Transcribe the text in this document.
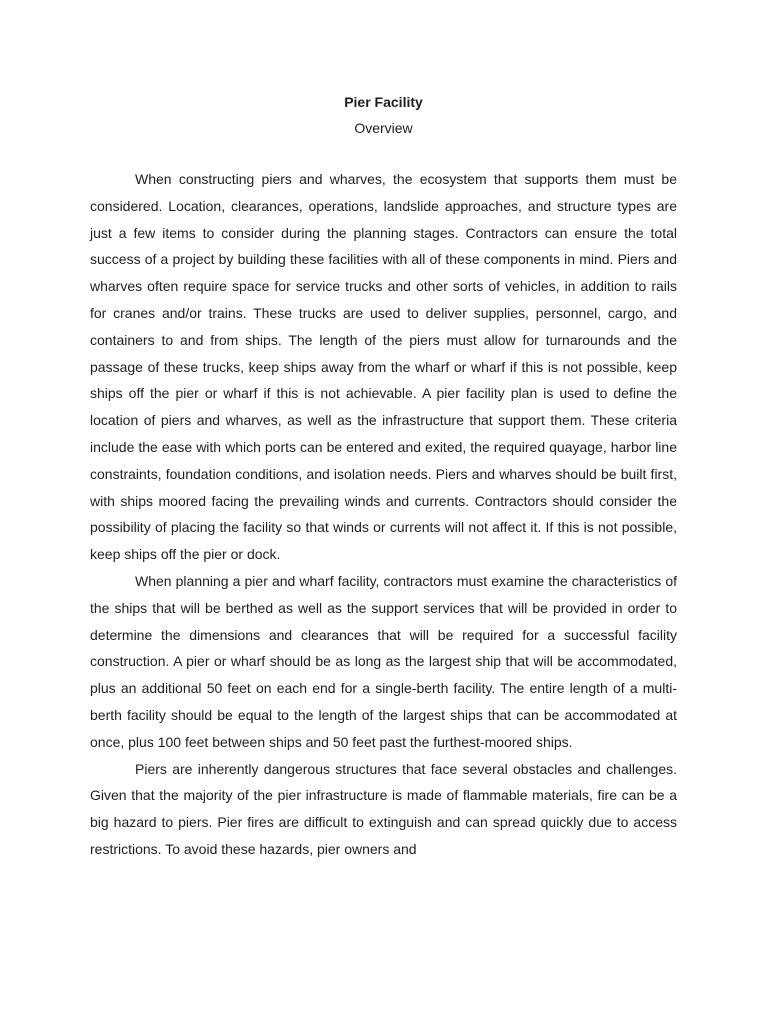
Pier Facility
Overview

When constructing piers and wharves, the ecosystem that supports them must be considered. Location, clearances, operations, landslide approaches, and structure types are just a few items to consider during the planning stages. Contractors can ensure the total success of a project by building these facilities with all of these components in mind. Piers and wharves often require space for service trucks and other sorts of vehicles, in addition to rails for cranes and/or trains. These trucks are used to deliver supplies, personnel, cargo, and containers to and from ships. The length of the piers must allow for turnarounds and the passage of these trucks, keep ships away from the wharf or wharf if this is not possible, keep ships off the pier or wharf if this is not achievable. A pier facility plan is used to define the location of piers and wharves, as well as the infrastructure that support them. These criteria include the ease with which ports can be entered and exited, the required quayage, harbor line constraints, foundation conditions, and isolation needs. Piers and wharves should be built first, with ships moored facing the prevailing winds and currents. Contractors should consider the possibility of placing the facility so that winds or currents will not affect it. If this is not possible, keep ships off the pier or dock.

When planning a pier and wharf facility, contractors must examine the characteristics of the ships that will be berthed as well as the support services that will be provided in order to determine the dimensions and clearances that will be required for a successful facility construction. A pier or wharf should be as long as the largest ship that will be accommodated, plus an additional 50 feet on each end for a single-berth facility. The entire length of a multi-berth facility should be equal to the length of the largest ships that can be accommodated at once, plus 100 feet between ships and 50 feet past the furthest-moored ships.

Piers are inherently dangerous structures that face several obstacles and challenges. Given that the majority of the pier infrastructure is made of flammable materials, fire can be a big hazard to piers. Pier fires are difficult to extinguish and can spread quickly due to access restrictions. To avoid these hazards, pier owners and
